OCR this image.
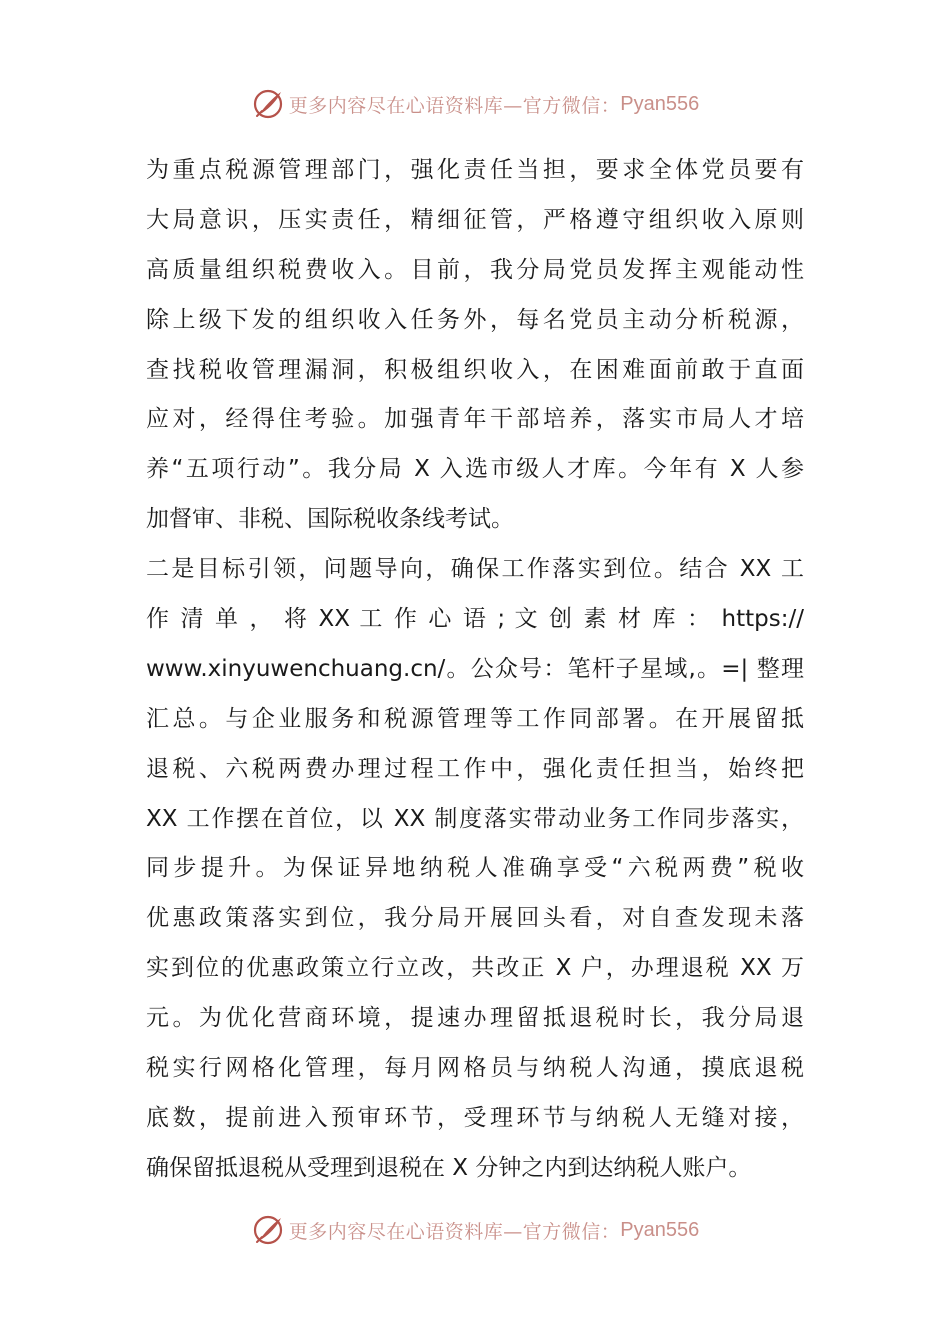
更多内容尽在心语资料库—官方微信： Pyan556
为重点税源管理部门，强化责任当担，要求全体党员要有
大局意识，压实责任，精细征管，严格遵守组织收入原则
高质量组织税费收入。目前，我分局党员发挥主观能动性
除上级下发的组织收入任务外，每名党员主动分析税源，
查找税收管理漏洞，积极组织收入，在困难面前敢于直面
应对，经得住考验。加强青年干部培养，落实市局人才培
养“五项行动”。我分局 X 入选市级人才库。今年有 X 人参
加督审、非税、国际税收条线考试。
二是目标引领，问题导向，确保工作落实到位。结合 XX 工
作 清 单 ， 将 XX 工 作 心 语 ; 文 创 素 材 库 ： https://
www.xinyuwenchuang.cn/。公众号：笔杆子星域,。=| 整理
汇总。与企业服务和税源管理等工作同部署。在开展留抵
退税、六税两费办理过程工作中，强化责任担当，始终把
XX 工作摆在首位，以 XX 制度落实带动业务工作同步落实，
同步提升。为保证异地纳税人准确享受“六税两费”税收
优惠政策落实到位，我分局开展回头看，对自查发现未落
实到位的优惠政策立行立改，共改正 X 户，办理退税 XX 万
元。为优化营商环境，提速办理留抵退税时长，我分局退
税实行网格化管理，每月网格员与纳税人沟通，摸底退税
底数，提前进入预审环节，受理环节与纳税人无缝对接，
确保留抵退税从受理到退税在 X 分钟之内到达纳税人账户。
更多内容尽在心语资料库—官方微信： Pyan556
